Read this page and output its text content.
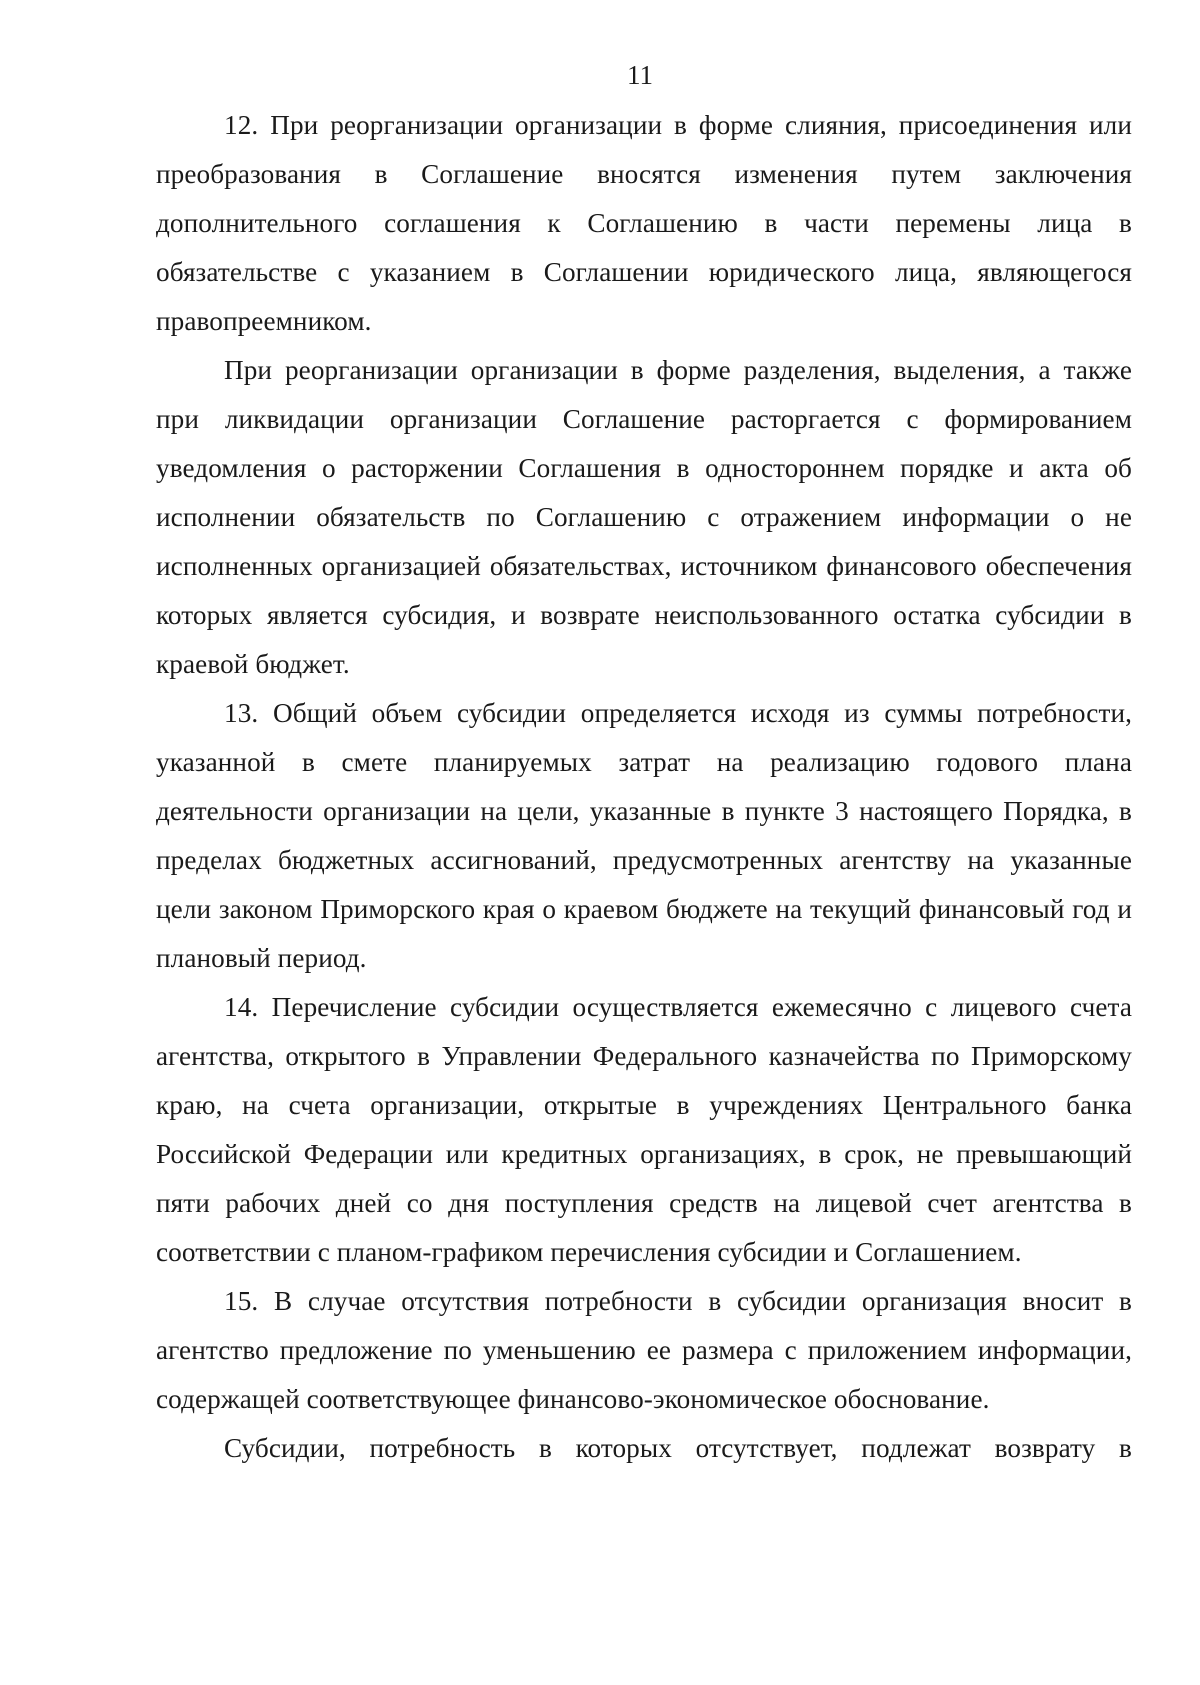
11

12. При реорганизации организации в форме слияния, присоединения или преобразования в Соглашение вносятся изменения путем заключения дополнительного соглашения к Соглашению в части перемены лица в обязательстве с указанием в Соглашении юридического лица, являющегося правопреемником.

При реорганизации организации в форме разделения, выделения, а также при ликвидации организации Соглашение расторгается с формированием уведомления о расторжении Соглашения в одностороннем порядке и акта об исполнении обязательств по Соглашению с отражением информации о не исполненных организацией обязательствах, источником финансового обеспечения которых является субсидия, и возврате неиспользованного остатка субсидии в краевой бюджет.

13. Общий объем субсидии определяется исходя из суммы потребности, указанной в смете планируемых затрат на реализацию годового плана деятельности организации на цели, указанные в пункте 3 настоящего Порядка, в пределах бюджетных ассигнований, предусмотренных агентству на указанные цели законом Приморского края о краевом бюджете на текущий финансовый год и плановый период.

14. Перечисление субсидии осуществляется ежемесячно с лицевого счета агентства, открытого в Управлении Федерального казначейства по Приморскому краю, на счета организации, открытые в учреждениях Центрального банка Российской Федерации или кредитных организациях, в срок, не превышающий пяти рабочих дней со дня поступления средств на лицевой счет агентства в соответствии с планом-графиком перечисления субсидии и Соглашением.

15. В случае отсутствия потребности в субсидии организация вносит в агентство предложение по уменьшению ее размера с приложением информации, содержащей соответствующее финансово-экономическое обоснование.

Субсидии, потребность в которых отсутствует, подлежат возврату в
